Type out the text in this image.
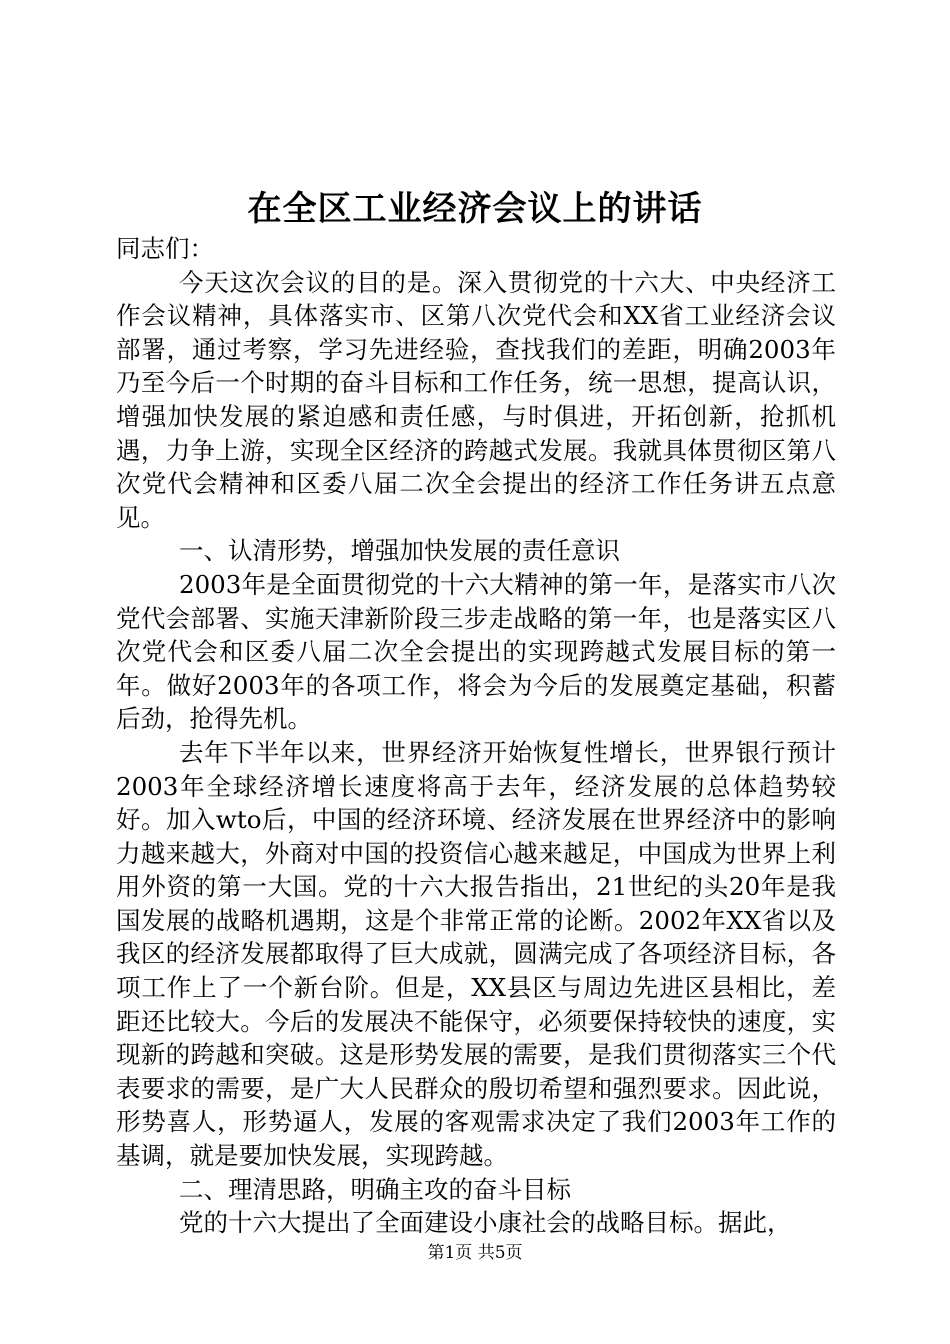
在全区工业经济会议上的讲话

同志们：

今天这次会议的目的是。深入贯彻党的十六大、中央经济工作会议精神，具体落实市、区第八次党代会和XX省工业经济会议部署，通过考察，学习先进经验，查找我们的差距，明确2003年乃至今后一个时期的奋斗目标和工作任务，统一思想，提高认识，增强加快发展的紧迫感和责任感，与时俱进，开拓创新，抢抓机遇，力争上游，实现全区经济的跨越式发展。我就具体贯彻区第八次党代会精神和区委八届二次全会提出的经济工作任务讲五点意见。

一、认清形势，增强加快发展的责任意识

2003年是全面贯彻党的十六大精神的第一年，是落实市八次党代会部署、实施天津新阶段三步走战略的第一年，也是落实区八次党代会和区委八届二次全会提出的实现跨越式发展目标的第一年。做好2003年的各项工作，将会为今后的发展奠定基础，积蓄后劲，抢得先机。

去年下半年以来，世界经济开始恢复性增长，世界银行预计2003年全球经济增长速度将高于去年，经济发展的总体趋势较好。加入wto后，中国的经济环境、经济发展在世界经济中的影响力越来越大，外商对中国的投资信心越来越足，中国成为世界上利用外资的第一大国。党的十六大报告指出，21世纪的头20年是我国发展的战略机遇期，这是个非常正常的论断。2002年XX省以及我区的经济发展都取得了巨大成就，圆满完成了各项经济目标，各项工作上了一个新台阶。但是，XX县区与周边先进区县相比，差距还比较大。今后的发展决不能保守，必须要保持较快的速度，实现新的跨越和突破。这是形势发展的需要，是我们贯彻落实三个代表要求的需要，是广大人民群众的殷切希望和强烈要求。因此说，形势喜人，形势逼人，发展的客观需求决定了我们2003年工作的基调，就是要加快发展，实现跨越。

二、理清思路，明确主攻的奋斗目标

党的十六大提出了全面建设小康社会的战略目标。据此，

第1页 共5页
